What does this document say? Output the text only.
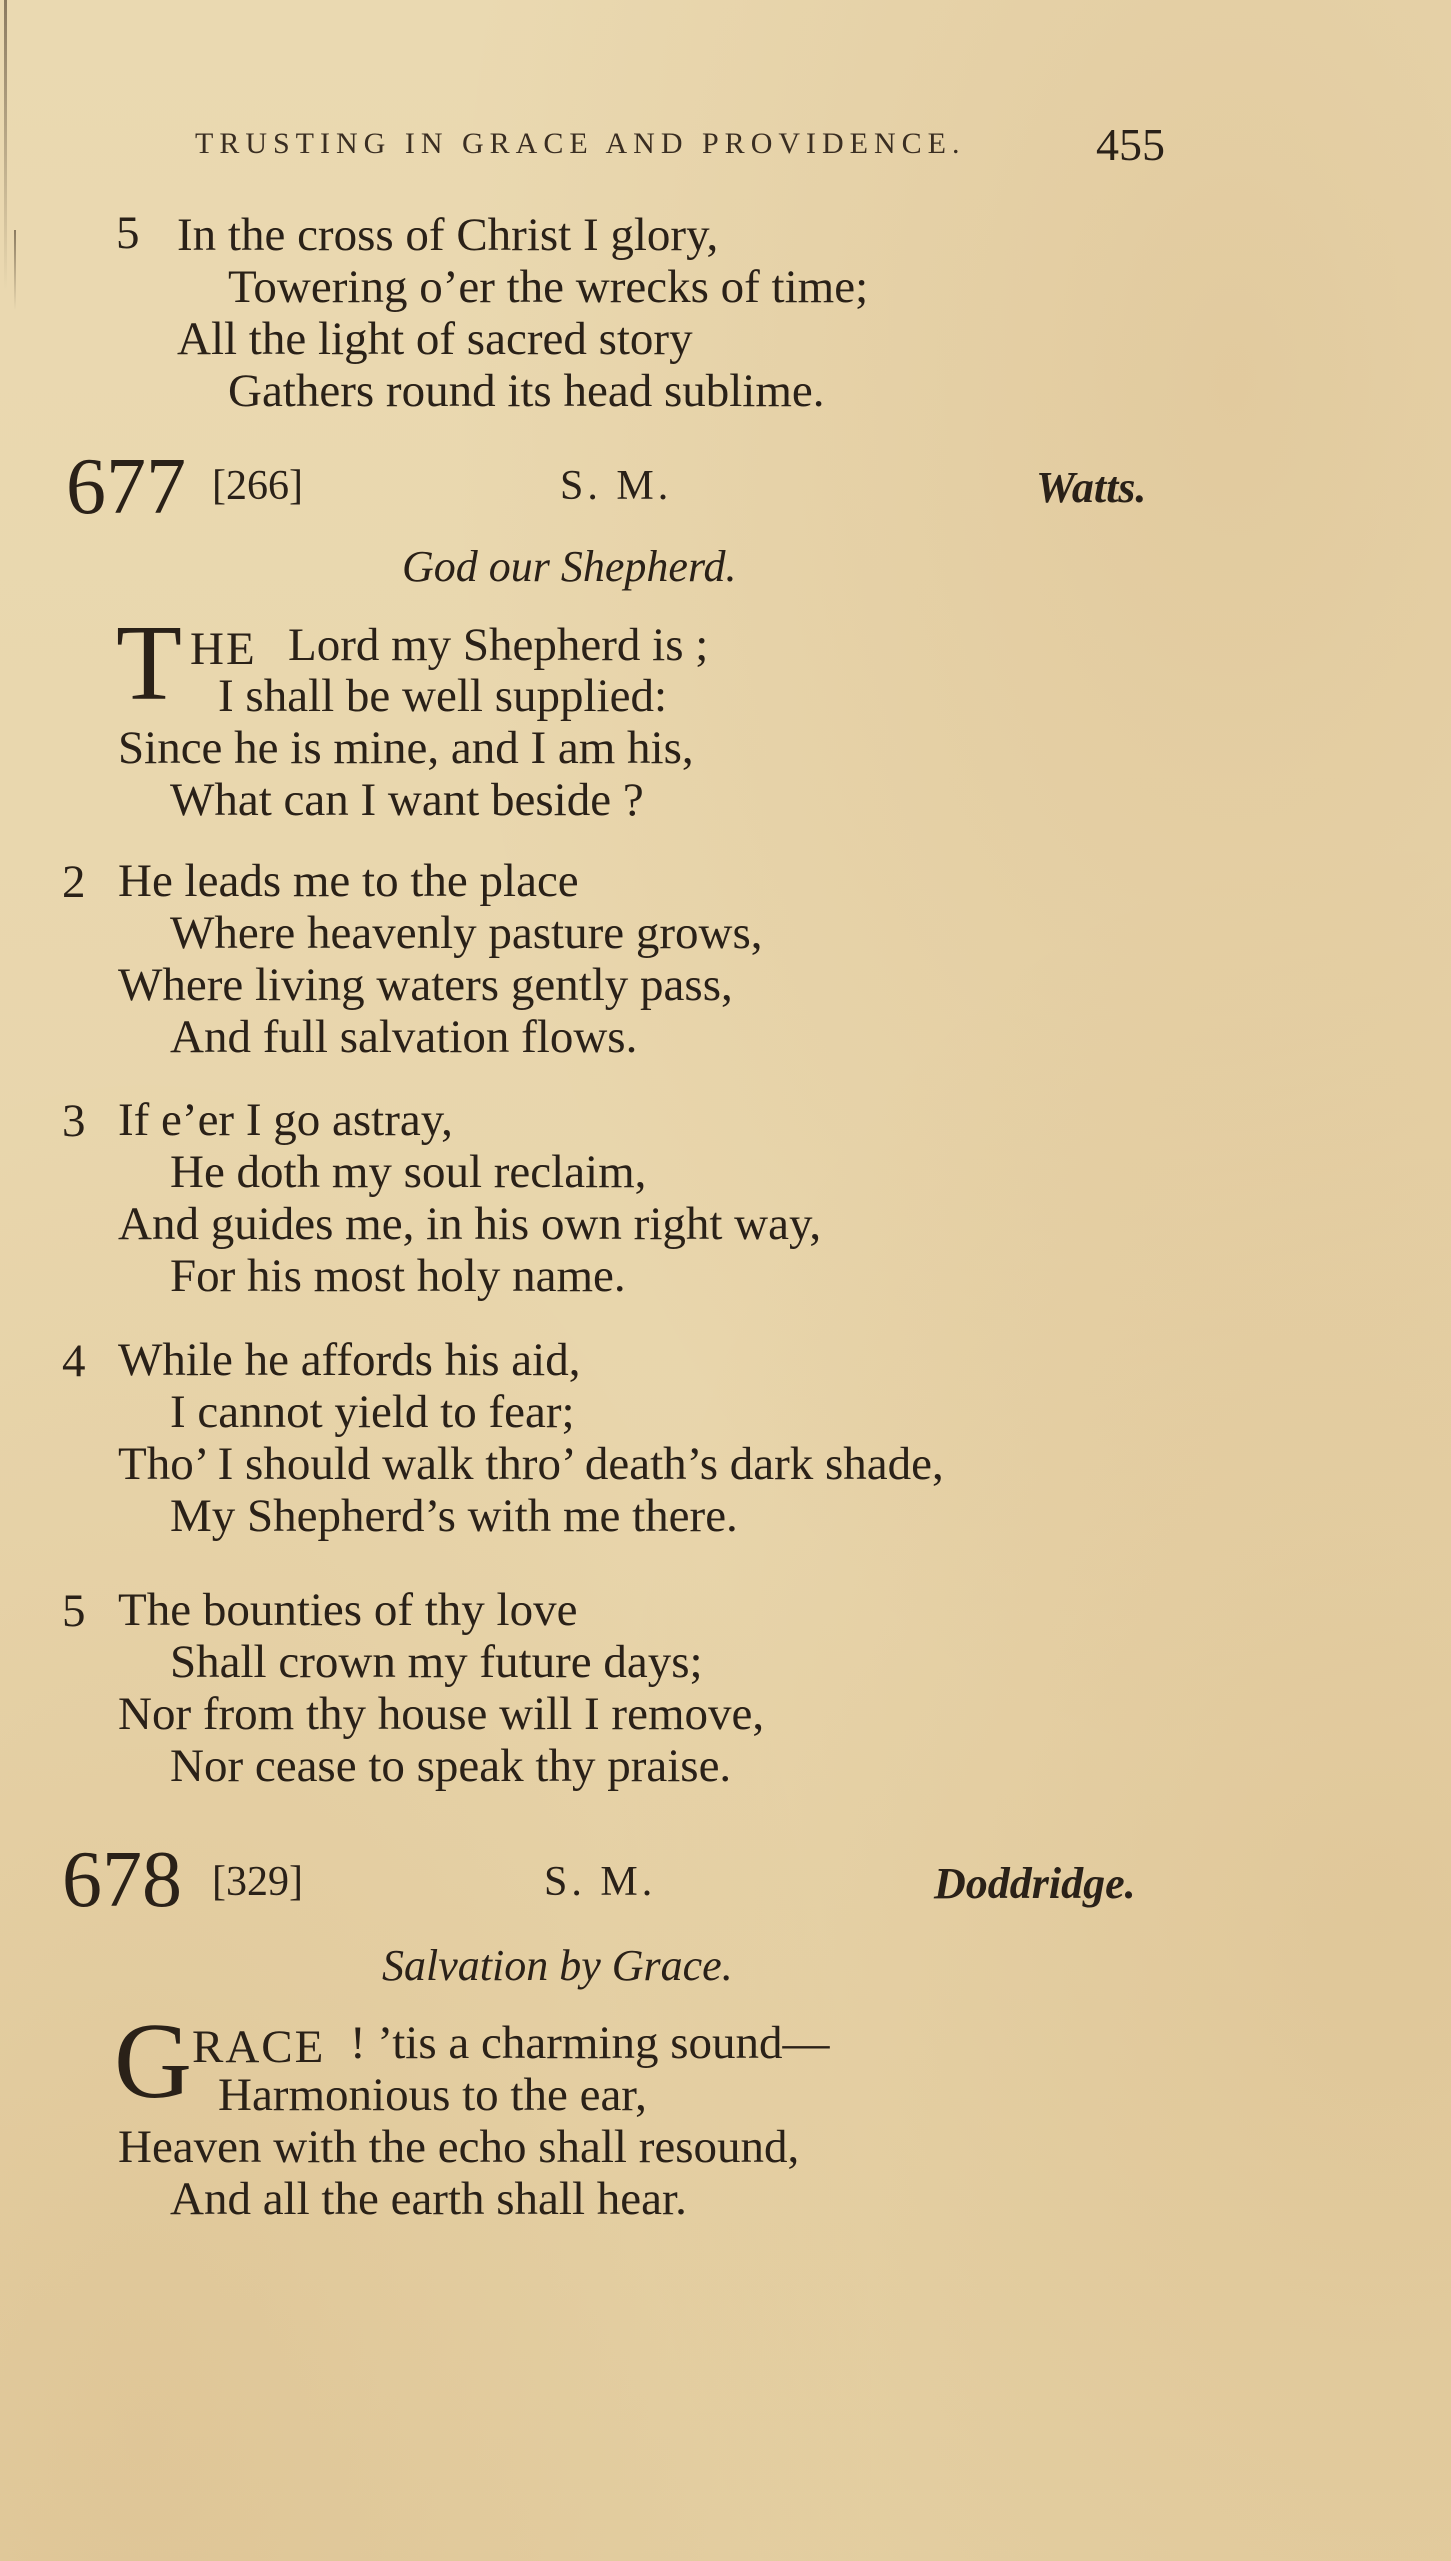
TRUSTING IN GRACE AND PROVIDENCE.	455
5 In the cross of Christ I glory,
Towering o’er the wrecks of time;
All the light of sacred story
Gathers round its head sublime.
677 [266]	S. M.	Watts.
God our Shepherd.
T HE Lord my Shepherd is ;
I shall be well supplied:
Since he is mine, and I am his,
What can I want beside ?
2 He leads me to the place
Where heavenly pasture grows,
Where living waters gently pass,
And full salvation flows.
3 If e’er I go astray,
He doth my soul reclaim,
And guides me, in his own right way,
For his most holy name.
4 While he affords his aid,
I cannot yield to fear;
Tho’ I should walk thro’ death’s dark shade,
My Shepherd’s with me there.
5 The bounties of thy love
Shall crown my future days;
Nor from thy house will I remove,
Nor cease to speak thy praise.
678 [329]	S. M.	Doddridge.
Salvation by Grace.
G RACE ! ’tis a charming sound—
Harmonious to the ear,
Heaven with the echo shall resound,
And all the earth shall hear.
